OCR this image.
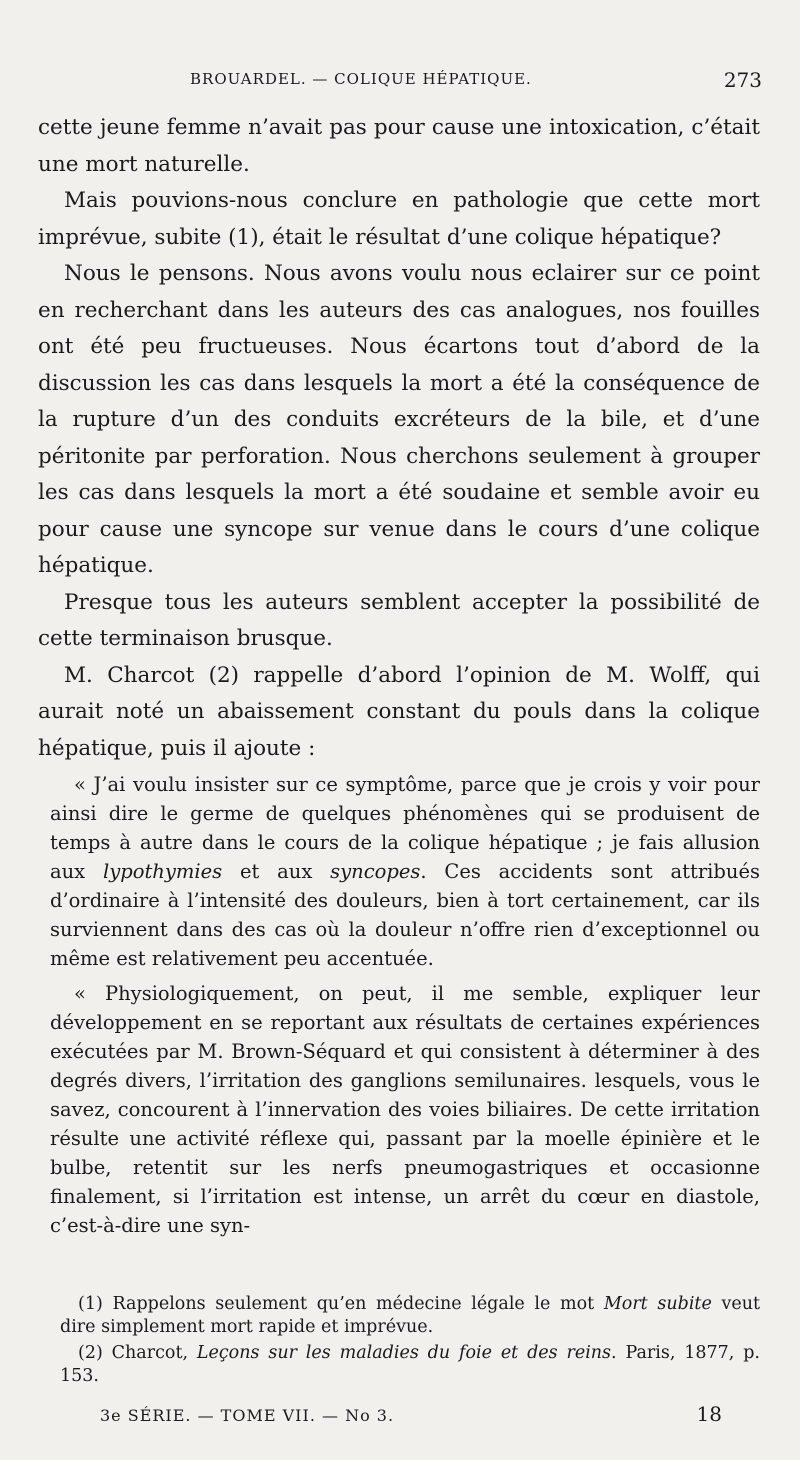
BROUARDEL. — COLIQUE HÉPATIQUE.	273

cette jeune femme n’avait pas pour cause une intoxication, c’était une mort naturelle.

Mais pouvions-nous conclure en pathologie que cette mort imprévue, subite (1), était le résultat d’une colique hépatique?

Nous le pensons. Nous avons voulu nous eclairer sur ce point en recherchant dans les auteurs des cas analogues, nos fouilles ont été peu fructueuses. Nous écartons tout d’abord de la discussion les cas dans lesquels la mort a été la conséquence de la rupture d’un des conduits excréteurs de la bile, et d’une péritonite par perforation. Nous cherchons seulement à grouper les cas dans lesquels la mort a été soudaine et semble avoir eu pour cause une syncope sur venue dans le cours d’une colique hépatique.

Presque tous les auteurs semblent accepter la possibilité de cette terminaison brusque.

M. Charcot (2) rappelle d’abord l’opinion de M. Wolff, qui aurait noté un abaissement constant du pouls dans la colique hépatique, puis il ajoute :

« J’ai voulu insister sur ce symptôme, parce que je crois y voir pour ainsi dire le germe de quelques phénomènes qui se produisent de temps à autre dans le cours de la colique hépatique ; je fais allusion aux lypothymies et aux syncopes. Ces accidents sont attribués d’ordinaire à l’intensité des douleurs, bien à tort certainement, car ils surviennent dans des cas où la douleur n’offre rien d’exceptionnel ou même est relativement peu accentuée.

« Physiologiquement, on peut, il me semble, expliquer leur développement en se reportant aux résultats de certaines expériences exécutées par M. Brown-Séquard et qui consistent à déterminer à des degrés divers, l’irritation des ganglions semilunaires. lesquels, vous le savez, concourent à l’innervation des voies biliaires. De cette irritation résulte une activité réflexe qui, passant par la moelle épinière et le bulbe, retentit sur les nerfs pneumogastriques et occasionne finalement, si l’irritation est intense, un arrêt du cœur en diastole, c’est-à-dire une syn-

(1) Rappelons seulement qu’en médecine légale le mot Mort subite veut dire simplement mort rapide et imprévue.

(2) Charcot, Leçons sur les maladies du foie et des reins. Paris, 1877, p. 153.

3e SÉRIE. — TOME VII. — No 3.	18
